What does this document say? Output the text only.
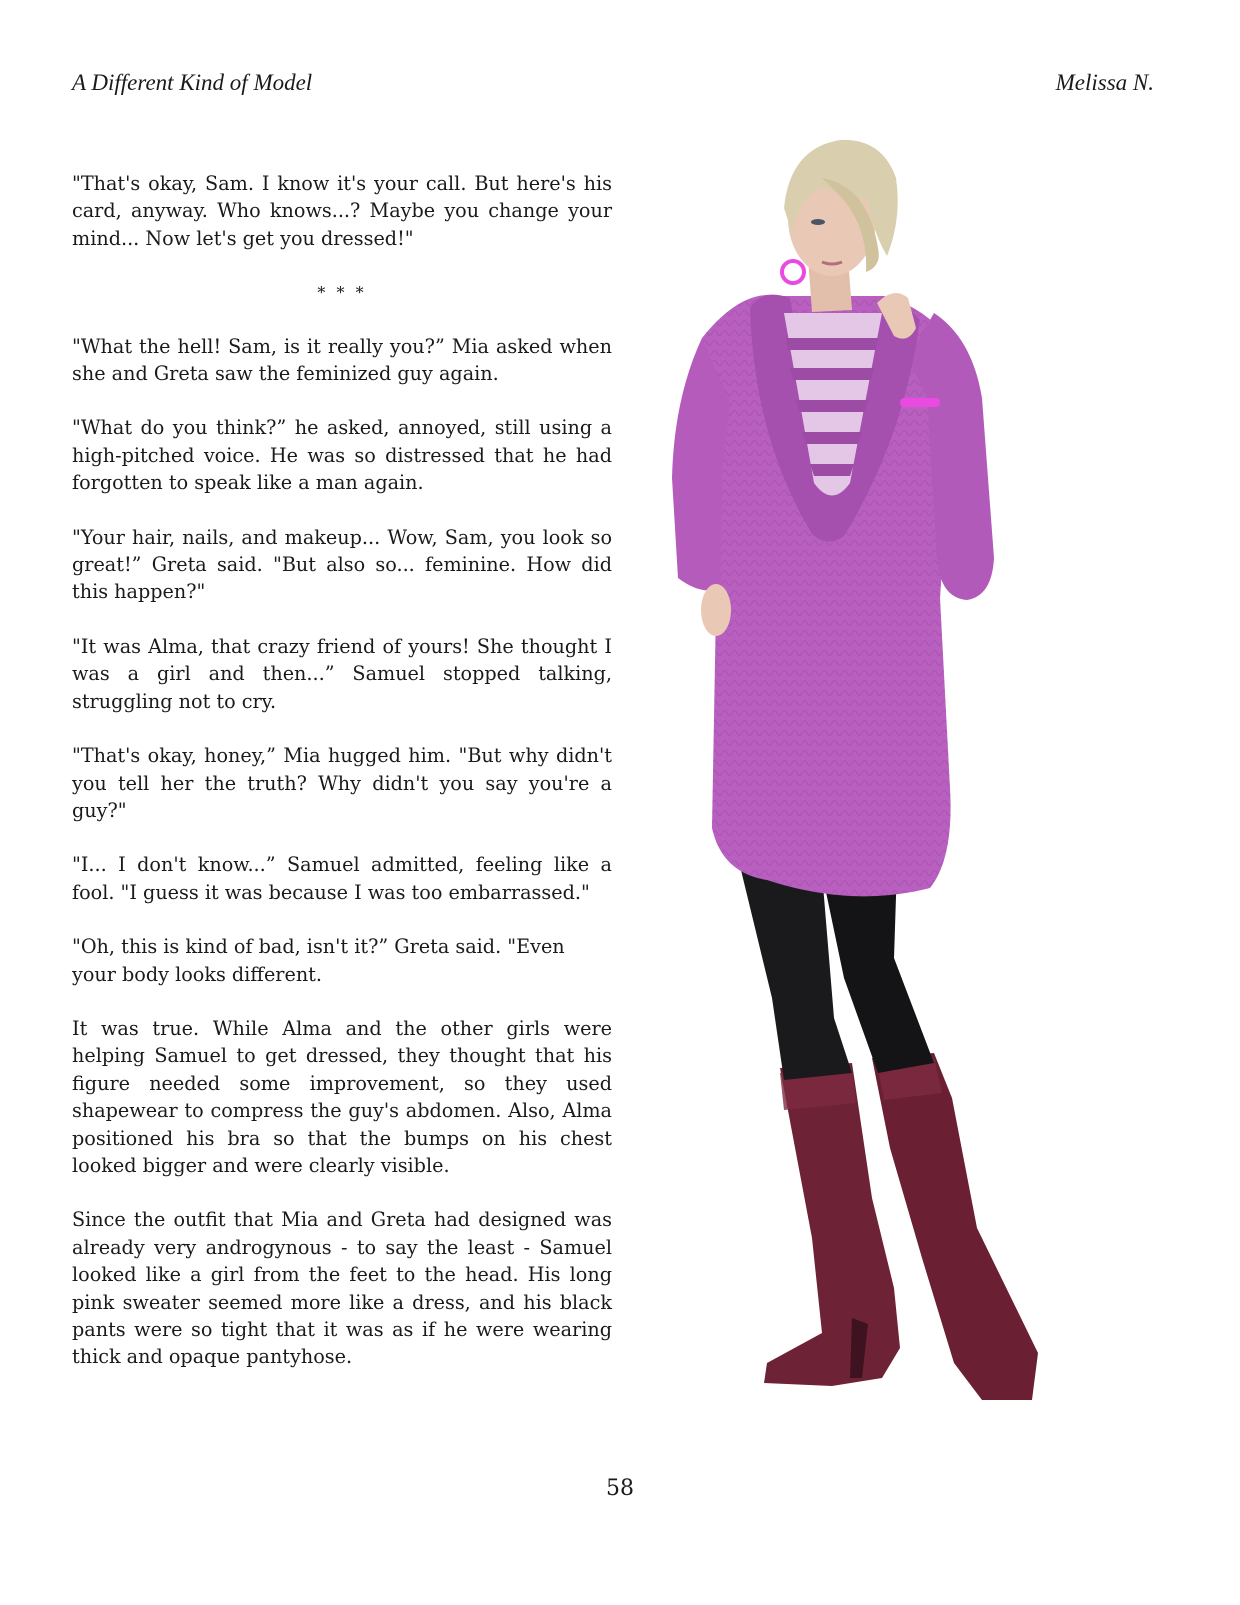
A Different Kind of Model	Melissa N.

"That's okay, Sam. I know it's your call. But here's his card, anyway. Who knows...? Maybe you change your mind... Now let's get you dressed!"

* * *

"What the hell! Sam, is it really you?” Mia asked when she and Greta saw the feminized guy again.

"What do you think?” he asked, annoyed, still using a high-pitched voice. He was so distressed that he had forgotten to speak like a man again.

"Your hair, nails, and makeup... Wow, Sam, you look so great!” Greta said. "But also so... feminine. How did this happen?"

"It was Alma, that crazy friend of yours! She thought I was a girl and then...” Samuel stopped talking, struggling not to cry.

"That's okay, honey,” Mia hugged him. "But why didn't you tell her the truth? Why didn't you say you're a guy?"

"I... I don't know...” Samuel admitted, feeling like a fool. "I guess it was because I was too embarrassed."

"Oh, this is kind of bad, isn't it?” Greta said. "Even your body looks different.

It was true. While Alma and the other girls were helping Samuel to get dressed, they thought that his figure needed some improvement, so they used shapewear to compress the guy's abdomen. Also, Alma positioned his bra so that the bumps on his chest looked bigger and were clearly visible.

Since the outfit that Mia and Greta had designed was already very androgynous - to say the least - Samuel looked like a girl from the feet to the head. His long pink sweater seemed more like a dress, and his black pants were so tight that it was as if he were wearing thick and opaque pantyhose.

58
